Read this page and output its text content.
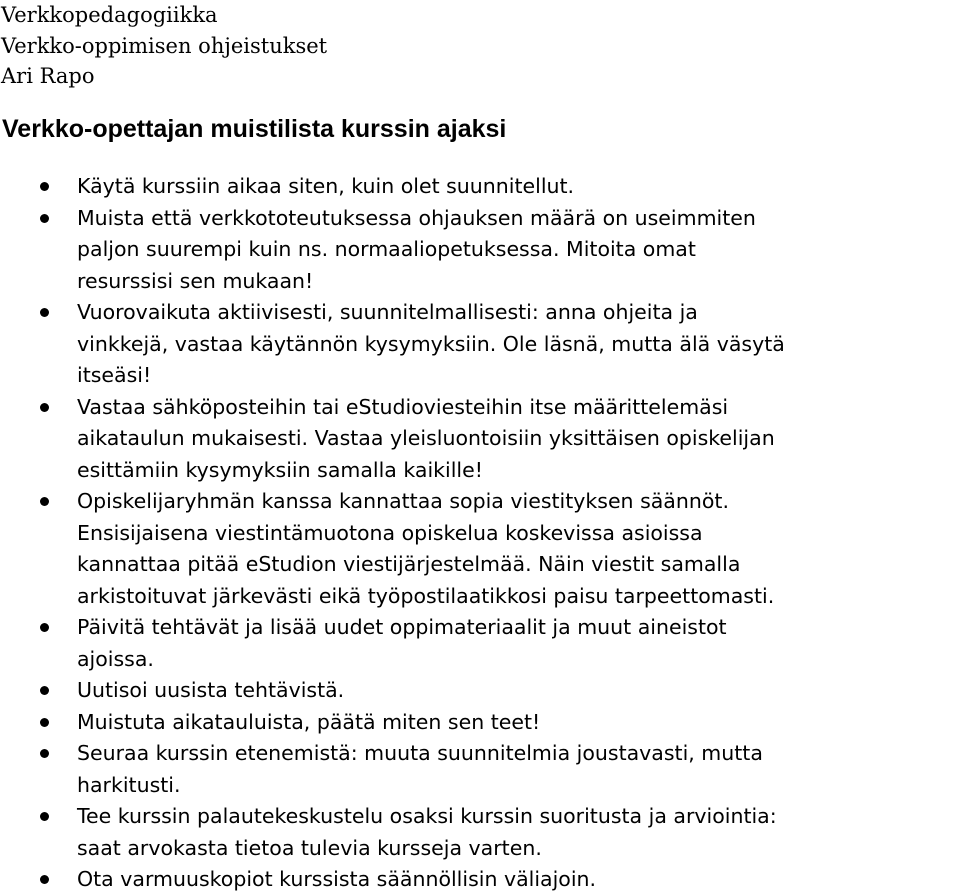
Verkkopedagogiikka
Verkko-oppimisen ohjeistukset
Ari Rapo
Verkko-opettajan muistilista kurssin ajaksi
Käytä kurssiin aikaa siten, kuin olet suunnitellut.
Muista että verkkototeutuksessa ohjauksen määrä on useimmiten
paljon suurempi kuin ns. normaaliopetuksessa. Mitoita omat
resurssisi sen mukaan!
Vuorovaikuta aktiivisesti, suunnitelmallisesti: anna ohjeita ja
vinkkejä, vastaa käytännön kysymyksiin. Ole läsnä, mutta älä väsytä
itseäsi!
Vastaa sähköposteihin tai eStudioviesteihin itse määrittelemäsi
aikataulun mukaisesti. Vastaa yleisluontoisiin yksittäisen opiskelijan
esittämiin kysymyksiin samalla kaikille!
Opiskelijaryhmän kanssa kannattaa sopia viestityksen säännöt.
Ensisijaisena viestintämuotona opiskelua koskevissa asioissa
kannattaa pitää eStudion viestijärjestelmää. Näin viestit samalla
arkistoituvat järkevästi eikä työpostilaatikkosi paisu tarpeettomasti.
Päivitä tehtävät ja lisää uudet oppimateriaalit ja muut aineistot
ajoissa.
Uutisoi uusista tehtävistä.
Muistuta aikatauluista, päätä miten sen teet!
Seuraa kurssin etenemistä: muuta suunnitelmia joustavasti, mutta
harkitusti.
Tee kurssin palautekeskustelu osaksi kurssin suoritusta ja arviointia:
saat arvokasta tietoa tulevia kursseja varten.
Ota varmuuskopiot kurssista säännöllisin väliajoin.
